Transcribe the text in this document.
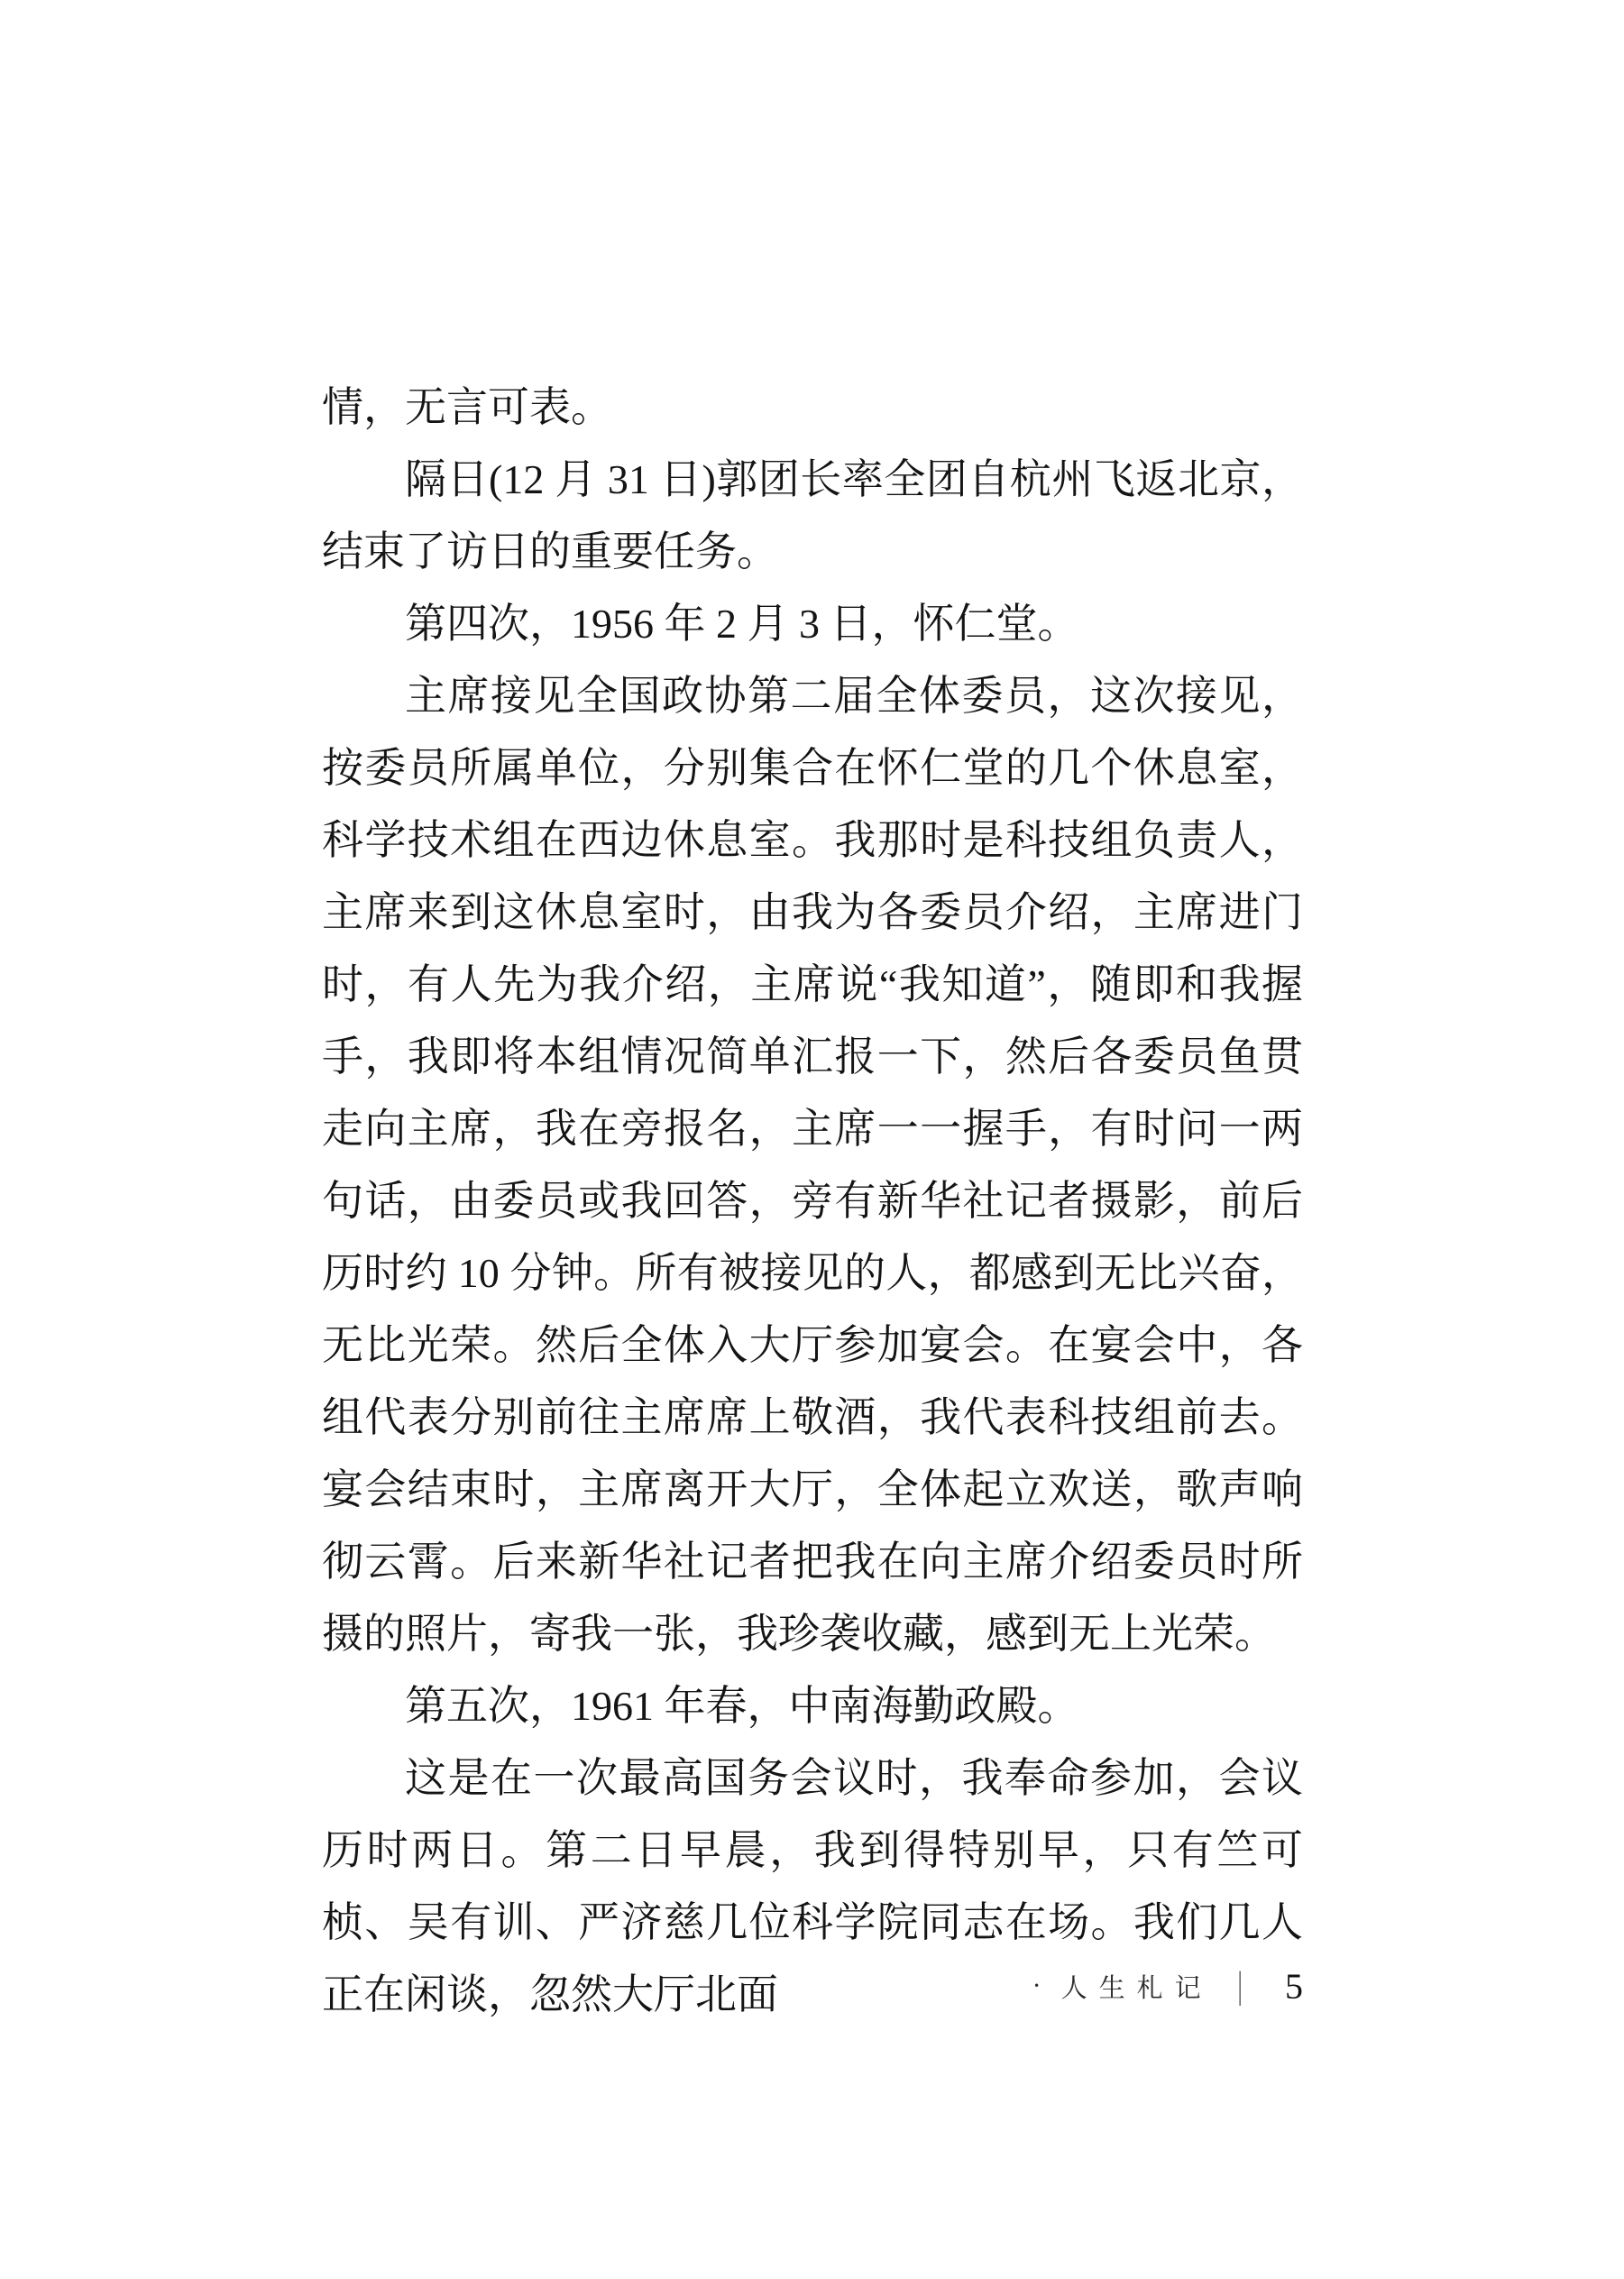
情，无言可表。

隔日(12 月 31 日)郭团长率全团自杭州飞返北京，结束了访日的重要任务。

第四次，1956 年 2 月 3 日，怀仁堂。

主席接见全国政协第二届全体委员，这次接见，按委员所属单位，分别集合在怀仁堂的几个休息室，科学技术组在西边休息室。我那时是科技组负责人，主席来到这休息室时，由我为各委员介绍，主席进门时，有人先为我介绍，主席说“我知道”，随即和我握手，我即将本组情况简单汇报一下，然后各委员鱼贯走向主席，我在旁报名，主席一一握手，有时问一两句话，由委员或我回答，旁有新华社记者摄影，前后历时约 10 分钟。所有被接见的人，都感到无比兴奋，无比光荣。然后全体入大厅参加宴会。在宴会中，各组代表分别前往主席席上敬酒，我代表科技组前去。宴会结束时，主席离开大厅，全体起立欢送，歌声响彻云霄。后来新华社记者把我在向主席介绍委员时所摄的照片，寄我一张，我珍袭收藏，感到无上光荣。

第五次，1961 年春，中南海勤政殿。

这是在一次最高国务会议时，我奉命参加，会议历时两日。第二日早晨，我到得特别早，只有竺可桢、吴有训、严济慈几位科学院同志在场。我们几人正在闲谈，忽然大厅北面	· 人生札记 | 5
